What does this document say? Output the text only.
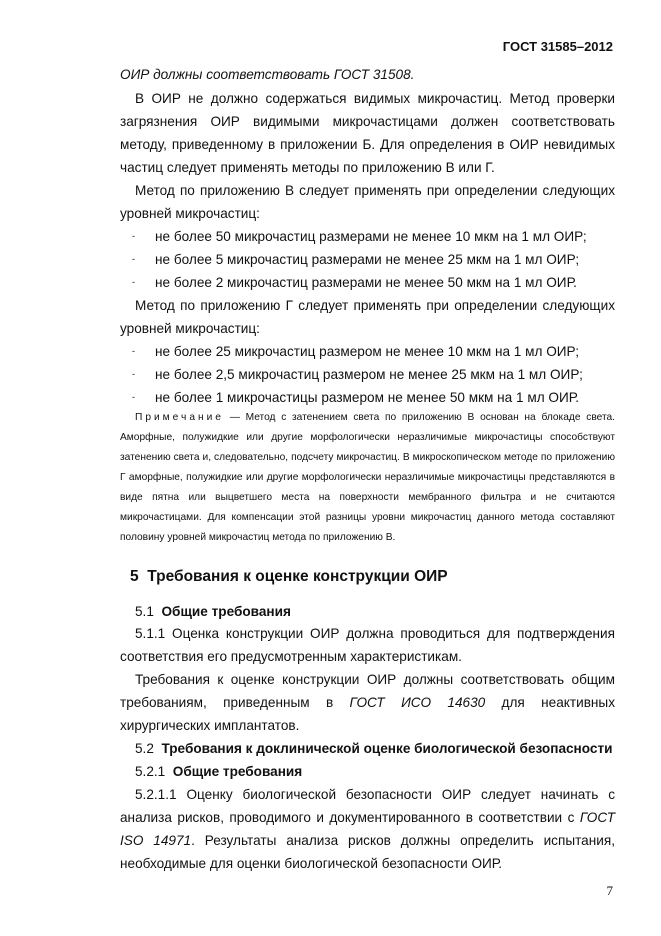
ГОСТ 31585–2012
ОИР должны соответствовать ГОСТ 31508.
В ОИР не должно содержаться видимых микрочастиц. Метод проверки загрязнения ОИР видимыми микрочастицами должен соответствовать методу, приведенному в приложении Б. Для определения в ОИР невидимых частиц следует применять методы по приложению В или Г.
Метод по приложению В следует применять при определении следующих уровней микрочастиц:
- не более 50 микрочастиц размерами не менее 10 мкм на 1 мл ОИР;
- не более 5 микрочастиц размерами не менее 25 мкм на 1 мл ОИР;
- не более 2 микрочастиц размерами не менее 50 мкм на 1 мл ОИР.
Метод по приложению Г следует применять при определении следующих уровней микрочастиц:
- не более 25 микрочастиц размером не менее 10 мкм на 1 мл ОИР;
- не более 2,5 микрочастиц размером не менее 25 мкм на 1 мл ОИР;
- не более 1 микрочастицы размером не менее 50 мкм на 1 мл ОИР.
Примечание — Метод с затенением света по приложению В основан на блокаде света. Аморфные, полужидкие или другие морфологически неразличимые микрочастицы способствуют затенению света и, следовательно, подсчету микрочастиц. В микроскопическом методе по приложению Г аморфные, полужидкие или другие морфологически неразличимые микрочастицы представляются в виде пятна или выцветшего места на поверхности мембранного фильтра и не считаются микрочастицами. Для компенсации этой разницы уровни микрочастиц данного метода составляют половину уровней микрочастиц метода по приложению В.
5 Требования к оценке конструкции ОИР
5.1 Общие требования
5.1.1 Оценка конструкции ОИР должна проводиться для подтверждения соответствия его предусмотренным характеристикам.
Требования к оценке конструкции ОИР должны соответствовать общим требованиям, приведенным в ГОСТ ИСО 14630 для неактивных хирургических имплантатов.
5.2 Требования к доклинической оценке биологической безопасности
5.2.1 Общие требования
5.2.1.1 Оценку биологической безопасности ОИР следует начинать с анализа рисков, проводимого и документированного в соответствии с ГОСТ ISO 14971. Результаты анализа рисков должны определить испытания, необходимые для оценки биологической безопасности ОИР.
7
